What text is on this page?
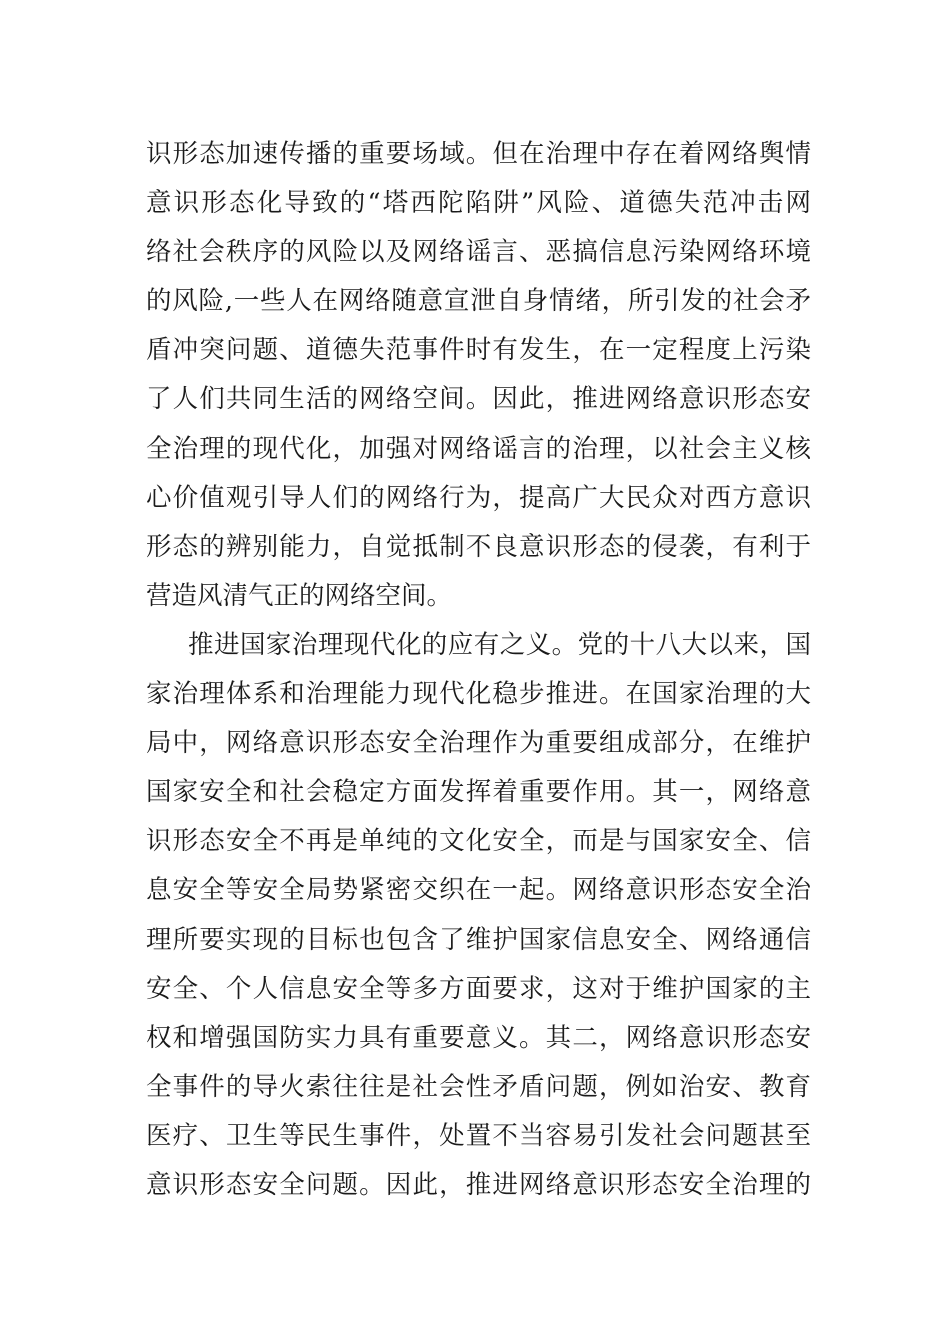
识形态加速传播的重要场域。但在治理中存在着网络舆情
意识形态化导致的“塔西陀陷阱”风险、道德失范冲击网
络社会秩序的风险以及网络谣言、恶搞信息污染网络环境
的风险,一些人在网络随意宣泄自身情绪，所引发的社会矛
盾冲突问题、道德失范事件时有发生，在一定程度上污染
了人们共同生活的网络空间。因此，推进网络意识形态安
全治理的现代化，加强对网络谣言的治理，以社会主义核
心价值观引导人们的网络行为，提高广大民众对西方意识
形态的辨别能力，自觉抵制不良意识形态的侵袭，有利于
营造风清气正的网络空间。
推进国家治理现代化的应有之义。党的十八大以来，国
家治理体系和治理能力现代化稳步推进。在国家治理的大
局中，网络意识形态安全治理作为重要组成部分，在维护
国家安全和社会稳定方面发挥着重要作用。其一，网络意
识形态安全不再是单纯的文化安全，而是与国家安全、信
息安全等安全局势紧密交织在一起。网络意识形态安全治
理所要实现的目标也包含了维护国家信息安全、网络通信
安全、个人信息安全等多方面要求，这对于维护国家的主
权和增强国防实力具有重要意义。其二，网络意识形态安
全事件的导火索往往是社会性矛盾问题，例如治安、教育
医疗、卫生等民生事件，处置不当容易引发社会问题甚至
意识形态安全问题。因此，推进网络意识形态安全治理的
